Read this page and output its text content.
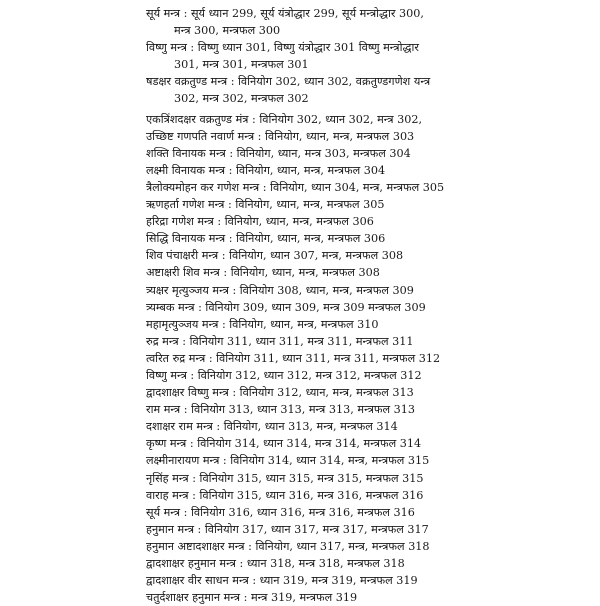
सूर्य मन्त्र : सूर्य ध्यान 299, सूर्य यंत्रोद्धार 299, सूर्य मन्त्रोद्धार 300,
मन्त्र 300, मन्त्रफल 300
विष्णु मन्त्र : विष्णु ध्यान 301, विष्णु यंत्रोद्धार 301 विष्णु मन्त्रोद्धार
301, मन्त्र 301, मन्त्रफल 301
षडक्षर वक्रतुण्ड मन्त्र : विनियोग 302, ध्यान 302, वक्रतुण्डगणेश यन्त्र
302, मन्त्र 302, मन्त्रफल 302
एकत्रिंशदक्षर वक्रतुण्ड मंत्र : विनियोग 302, ध्यान 302, मन्त्र 302,
उच्छिष्ट गणपति नवार्ण मन्त्र : विनियोग, ध्यान, मन्त्र, मन्त्रफल 303
शक्ति विनायक मन्त्र : विनियोग, ध्यान, मन्त्र 303, मन्त्रफल 304
लक्ष्मी विनायक मन्त्र : विनियोग, ध्यान, मन्त्र, मन्त्रफल 304
त्रैलोक्यमोहन कर गणेश मन्त्र : विनियोग, ध्यान 304, मन्त्र, मन्त्रफल 305
ऋणहर्ता गणेश मन्त्र : विनियोग, ध्यान, मन्त्र, मन्त्रफल 305
हरिद्रा गणेश मन्त्र : विनियोग, ध्यान, मन्त्र, मन्त्रफल 306
सिद्धि विनायक मन्त्र : विनियोग, ध्यान, मन्त्र, मन्त्रफल 306
शिव पंचाक्षरी मन्त्र : विनियोग, ध्यान 307, मन्त्र, मन्त्रफल 308
अष्टाक्षरी शिव मन्त्र : विनियोग, ध्यान, मन्त्र, मन्त्रफल 308
त्र्यक्षर मृत्युञ्जय मन्त्र : विनियोग 308, ध्यान, मन्त्र, मन्त्रफल 309
त्र्यम्बक मन्त्र : विनियोग 309, ध्यान 309, मन्त्र 309 मन्त्रफल 309
महामृत्युञ्जय मन्त्र : विनियोग, ध्यान, मन्त्र, मन्त्रफल 310
रुद्र मन्त्र : विनियोग 311, ध्यान 311, मन्त्र 311, मन्त्रफल 311
त्वरित रुद्र मन्त्र : विनियोग 311, ध्यान 311, मन्त्र 311, मन्त्रफल 312
विष्णु मन्त्र : विनियोग 312, ध्यान 312, मन्त्र 312, मन्त्रफल 312
द्वादशाक्षर विष्णु मन्त्र : विनियोग 312, ध्यान, मन्त्र, मन्त्रफल 313
राम मन्त्र : विनियोग 313, ध्यान 313, मन्त्र 313, मन्त्रफल 313
दशाक्षर राम मन्त्र : विनियोग, ध्यान 313, मन्त्र, मन्त्रफल 314
कृष्ण मन्त्र : विनियोग 314, ध्यान 314, मन्त्र 314, मन्त्रफल 314
लक्ष्मीनारायण मन्त्र : विनियोग 314, ध्यान 314, मन्त्र, मन्त्रफल 315
नृसिंह मन्त्र : विनियोग 315, ध्यान 315, मन्त्र 315, मन्त्रफल 315
वाराह मन्त्र : विनियोग 315, ध्यान 316, मन्त्र 316, मन्त्रफल 316
सूर्य मन्त्र : विनियोग 316, ध्यान 316, मन्त्र 316, मन्त्रफल 316
हनुमान मन्त्र : विनियोग 317, ध्यान 317, मन्त्र 317, मन्त्रफल 317
हनुमान अष्टादशाक्षर मन्त्र : विनियोग, ध्यान 317, मन्त्र, मन्त्रफल 318
द्वादशाक्षर हनुमान मन्त्र : ध्यान 318, मन्त्र 318, मन्त्रफल 318
द्वादशाक्षर वीर साधन मन्त्र : ध्यान 319, मन्त्र 319, मन्त्रफल 319
चतुर्दशाक्षर हनुमान मन्त्र : मन्त्र 319, मन्त्रफल 319
